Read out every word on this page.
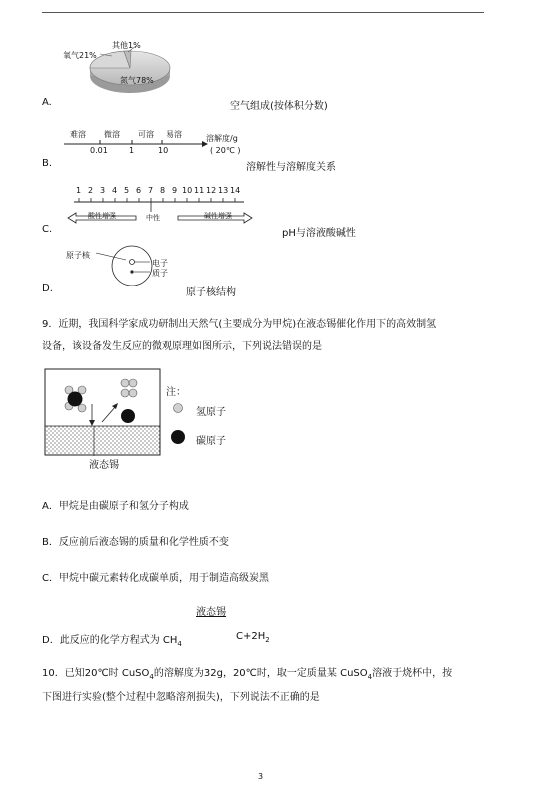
A.
氧气21%
其他1%
氮气78%
空气组成(按体积分数)
B.
难溶 微溶 可溶 易溶
0.01	1	10
溶解度/g
( 20℃ )
溶解性与溶解度关系
C.
1 2 3 4 5 6 7 8 9 10 11 12 13 14
酸性增强	中性	碱性增强
pH与溶液酸碱性
D.
原子核
电子
质子
原子核结构
9．近期，我国科学家成功研制出天然气(主要成分为甲烷)在液态锡催化作用下的高效制氢
设备，该设备发生反应的微观原理如图所示，下列说法错误的是
液态锡
注：
氢原子
碳原子
A．甲烷是由碳原子和氢分子构成
B．反应前后液态锡的质量和化学性质不变
C．甲烷中碳元素转化成碳单质，用于制造高级炭黑
液态锡
D．此反应的化学方程式为 $CH_4$
$C+2H_2$
10．已知20℃时 CuSO$_4$的溶解度为32g，20℃时，取一定质量某 CuSO$_4$溶液于烧杯中，按
下图进行实验(整个过程中忽略溶剂损失)，下列说法不正确的是
3
